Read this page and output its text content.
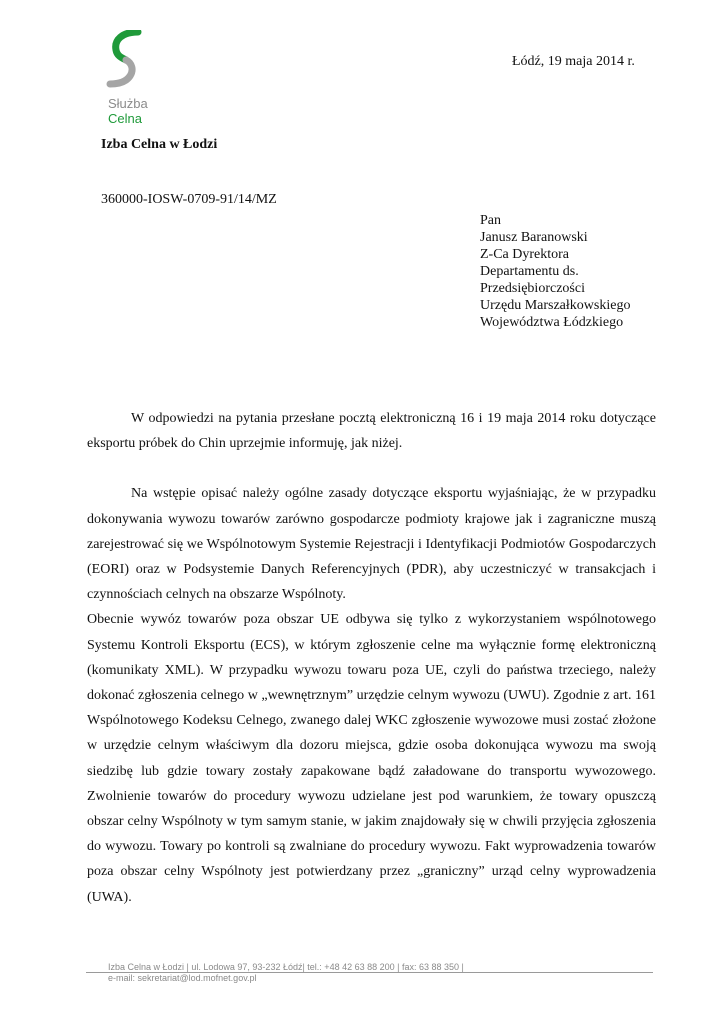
Służba
Celna
Łódź, 19 maja 2014 r.
Izba Celna w Łodzi
360000-IOSW-0709-91/14/MZ
Pan
Janusz Baranowski
Z-Ca Dyrektora
Departamentu ds.
Przedsiębiorczości
Urzędu Marszałkowskiego
Województwa Łódzkiego

W odpowiedzi na pytania przesłane pocztą elektroniczną 16 i 19 maja 2014 roku dotyczące eksportu próbek do Chin uprzejmie informuję, jak niżej.

Na wstępie opisać należy ogólne zasady dotyczące eksportu wyjaśniając, że w przypadku dokonywania wywozu towarów zarówno gospodarcze podmioty krajowe jak i zagraniczne muszą zarejestrować się we Wspólnotowym Systemie Rejestracji i Identyfikacji Podmiotów Gospodarczych (EORI) oraz w Podsystemie Danych Referencyjnych (PDR), aby uczestniczyć w transakcjach i czynnościach celnych na obszarze Wspólnoty.

Obecnie wywóz towarów poza obszar UE odbywa się tylko z wykorzystaniem wspólnotowego Systemu Kontroli Eksportu (ECS), w którym zgłoszenie celne ma wyłącznie formę elektroniczną (komunikaty XML). W przypadku wywozu towaru poza UE, czyli do państwa trzeciego, należy dokonać zgłoszenia celnego w „wewnętrznym” urzędzie celnym wywozu (UWU). Zgodnie z art. 161 Wspólnotowego Kodeksu Celnego, zwanego dalej WKC zgłoszenie wywozowe musi zostać złożone w urzędzie celnym właściwym dla dozoru miejsca, gdzie osoba dokonująca wywozu ma swoją siedzibę lub gdzie towary zostały zapakowane bądź załadowane do transportu wywozowego. Zwolnienie towarów do procedury wywozu udzielane jest pod warunkiem, że towary opuszczą obszar celny Wspólnoty w tym samym stanie, w jakim znajdowały się w chwili przyjęcia zgłoszenia do wywozu. Towary po kontroli są zwalniane do procedury wywozu. Fakt wyprowadzenia towarów poza obszar celny Wspólnoty jest potwierdzany przez „graniczny” urząd celny wyprowadzenia (UWA).

Izba Celna w Łodzi | ul. Lodowa 97, 93-232 Łódź| tel.: +48 42 63 88 200 | fax: 63 88 350 |
e-mail: sekretariat@lod.mofnet.gov.pl
